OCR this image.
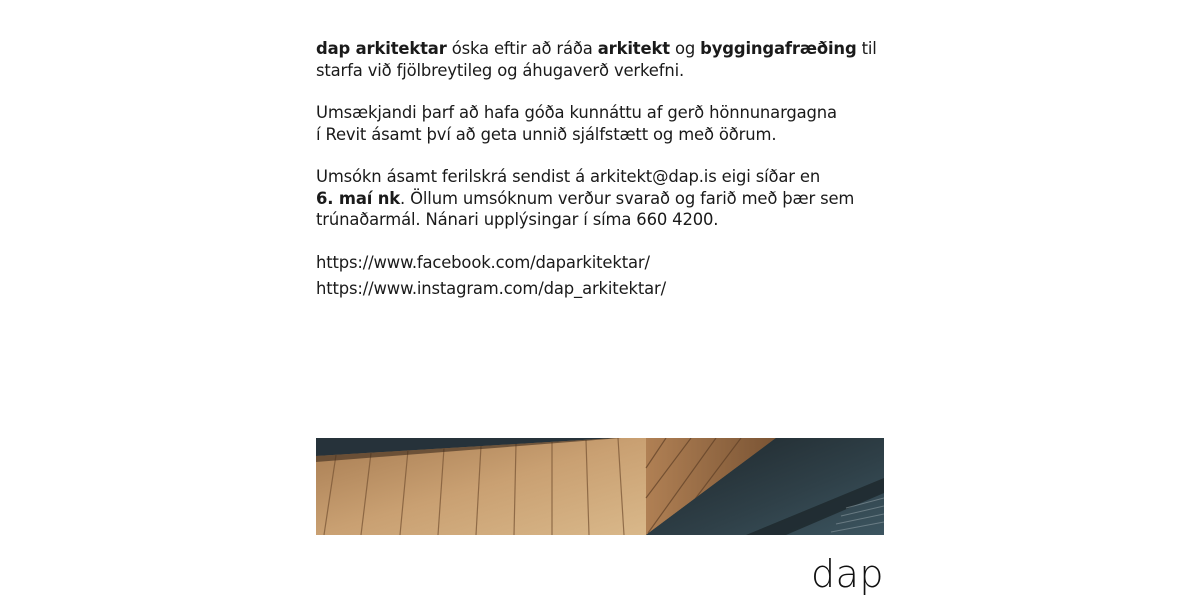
dap arkitektar óska eftir að ráða arkitekt og byggingafræðing til
starfa við fjölbreytileg og áhugaverð verkefni.

Umsækjandi þarf að hafa góða kunnáttu af gerð hönnunargagna
í Revit ásamt því að geta unnið sjálfstætt og með öðrum.

Umsókn ásamt ferilskrá sendist á arkitekt@dap.is eigi síðar en
6. maí nk. Öllum umsóknum verður svarað og farið með þær sem
trúnaðarmál. Nánari upplýsingar í síma 660 4200.

https://www.facebook.com/daparkitektar/
https://www.instagram.com/dap_arkitektar/
dap
